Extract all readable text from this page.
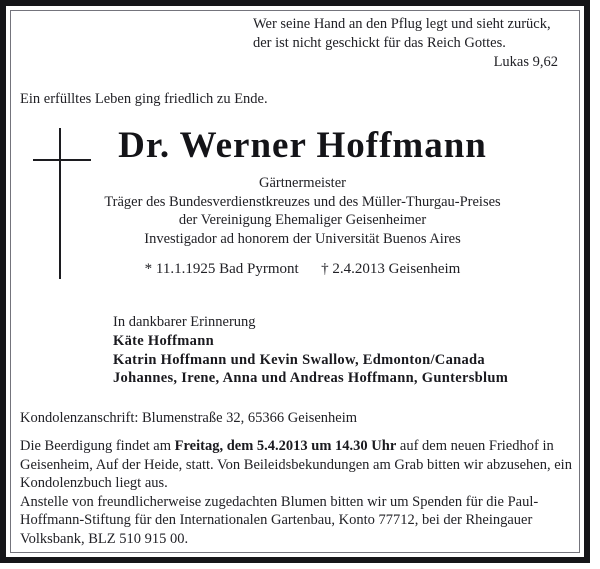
Wer seine Hand an den Pflug legt und sieht zurück,
der ist nicht geschickt für das Reich Gottes.
Lukas 9,62
Ein erfülltes Leben ging friedlich zu Ende.
Dr. Werner Hoffmann
Gärtnermeister
Träger des Bundesverdienstkreuzes und des Müller-Thurgau-Preises
der Vereinigung Ehemaliger Geisenheimer
Investigador ad honorem der Universität Buenos Aires
* 11.1.1925 Bad Pyrmont      † 2.4.2013 Geisenheim
In dankbarer Erinnerung
Käte Hoffmann
Katrin Hoffmann und Kevin Swallow, Edmonton/Canada
Johannes, Irene, Anna und Andreas Hoffmann, Guntersblum
Kondolenzanschrift: Blumenstraße 32, 65366 Geisenheim

Die Beerdigung findet am Freitag, dem 5.4.2013 um 14.30 Uhr auf dem neuen Friedhof in Geisenheim, Auf der Heide, statt. Von Beileidsbekundungen am Grab bitten wir abzusehen, ein Kondolenzbuch liegt aus.

Anstelle von freundlicherweise zugedachten Blumen bitten wir um Spenden für die Paul-Hoffmann-Stiftung für den Internationalen Gartenbau, Konto 77712, bei der Rheingauer Volksbank, BLZ 510 915 00.
